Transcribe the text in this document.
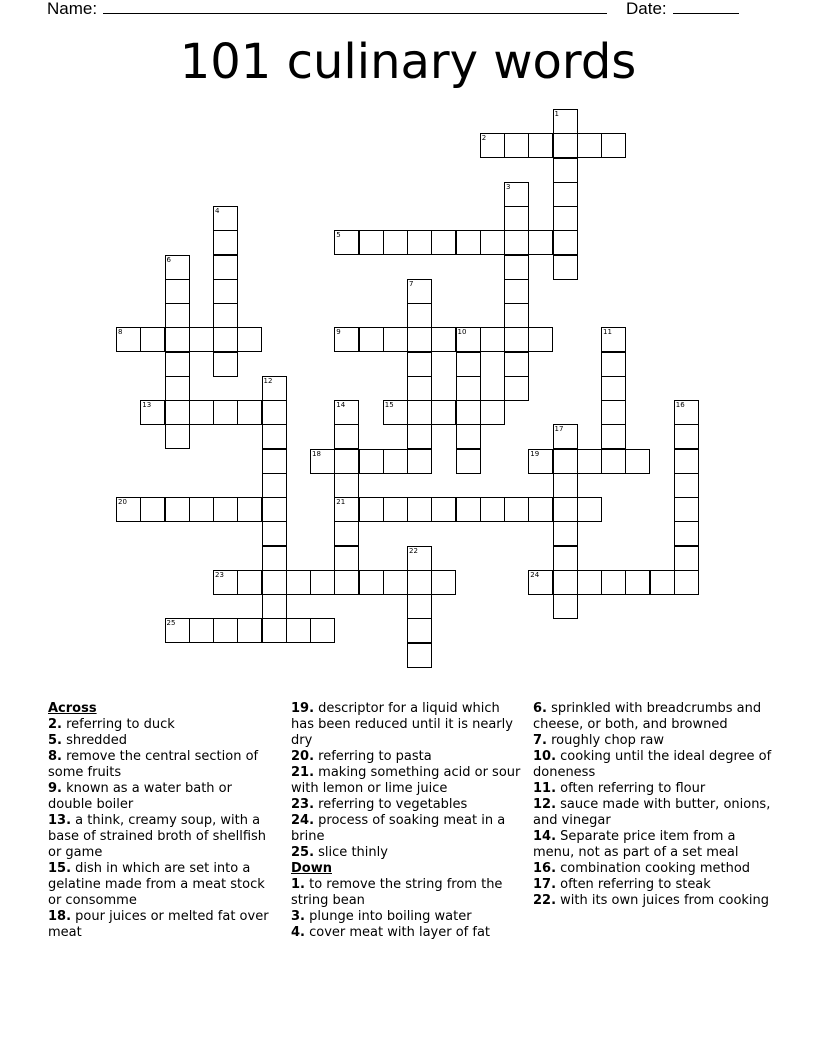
Name:	Date:
101 culinary words
1
2
3
4
5
6
7
8	9	10	11
12
13	14	15	16
17
18	19
20	21
22
23	24
25
Across
2. referring to duck
5. shredded
8. remove the central section of some fruits
9. known as a water bath or double boiler
13. a think, creamy soup, with a base of strained broth of shellfish or game
15. dish in which are set into a gelatine made from a meat stock or consomme
18. pour juices or melted fat over meat
19. descriptor for a liquid which has been reduced until it is nearly dry
20. referring to pasta
21. making something acid or sour with lemon or lime juice
23. referring to vegetables
24. process of soaking meat in a brine
25. slice thinly
Down
1. to remove the string from the string bean
3. plunge into boiling water
4. cover meat with layer of fat
6. sprinkled with breadcrumbs and cheese, or both, and browned
7. roughly chop raw
10. cooking until the ideal degree of doneness
11. often referring to flour
12. sauce made with butter, onions, and vinegar
14. Separate price item from a menu, not as part of a set meal
16. combination cooking method
17. often referring to steak
22. with its own juices from cooking
